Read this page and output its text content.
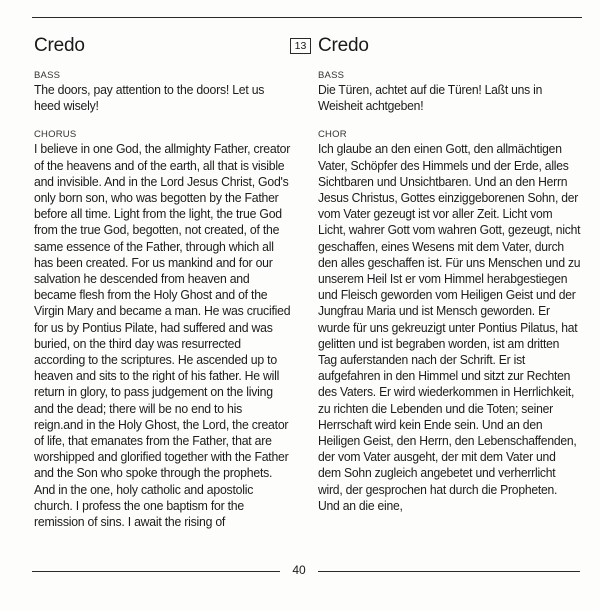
Credo
BASS
The doors, pay attention to the doors! Let us heed wisely!
CHORUS
I believe in one God, the allmighty Father, creator of the heavens and of the earth, all that is visible and invisible. And in the Lord Jesus Christ, God's only born son, who was begotten by the Father before all time. Light from the light, the true God from the true God, begotten, not created, of the same essence of the Father, through which all has been created. For us mankind and for our salvation he descended from heaven and became flesh from the Holy Ghost and of the Virgin Mary and became a man. He was crucified for us by Pontius Pilate, had suffered and was buried, on the third day was resurrected according to the scriptures. He ascended up to heaven and sits to the right of his father. He will return in glory, to pass judgement on the living and the dead; there will be no end to his reign.and in the Holy Ghost, the Lord, the creator of life, that emanates from the Father, that are worshipped and glorified together with the Father and the Son who spoke through the prophets. And in the one, holy catholic and apostolic church. I profess the one baptism for the remission of sins. I await the rising of
13 Credo
BASS
Die Türen, achtet auf die Türen! Laßt uns in Weisheit achtgeben!
CHOR
Ich glaube an den einen Gott, den allmächtigen Vater, Schöpfer des Himmels und der Erde, alles Sichtbaren und Unsichtbaren. Und an den Herrn Jesus Christus, Gottes einziggeborenen Sohn, der vom Vater gezeugt ist vor aller Zeit. Licht vom Licht, wahrer Gott vom wahren Gott, gezeugt, nicht geschaffen, eines Wesens mit dem Vater, durch den alles geschaffen ist. Für uns Menschen und zu unserem Heil Ist er vom Himmel herabgestiegen und Fleisch geworden vom Heiligen Geist und der Jungfrau Maria und ist Mensch geworden. Er wurde für uns gekreuzigt unter Pontius Pilatus, hat gelitten und ist begraben worden, ist am dritten Tag auferstanden nach der Schrift. Er ist aufgefahren in den Himmel und sitzt zur Rechten des Vaters. Er wird wiederkommen in Herrlichkeit, zu richten die Lebenden und die Toten; seiner Herrschaft wird kein Ende sein. Und an den Heiligen Geist, den Herrn, den Lebenschaffenden, der vom Vater ausgeht, der mit dem Vater und dem Sohn zugleich angebetet und verherrlicht wird, der gesprochen hat durch die Propheten. Und an die eine,
40
